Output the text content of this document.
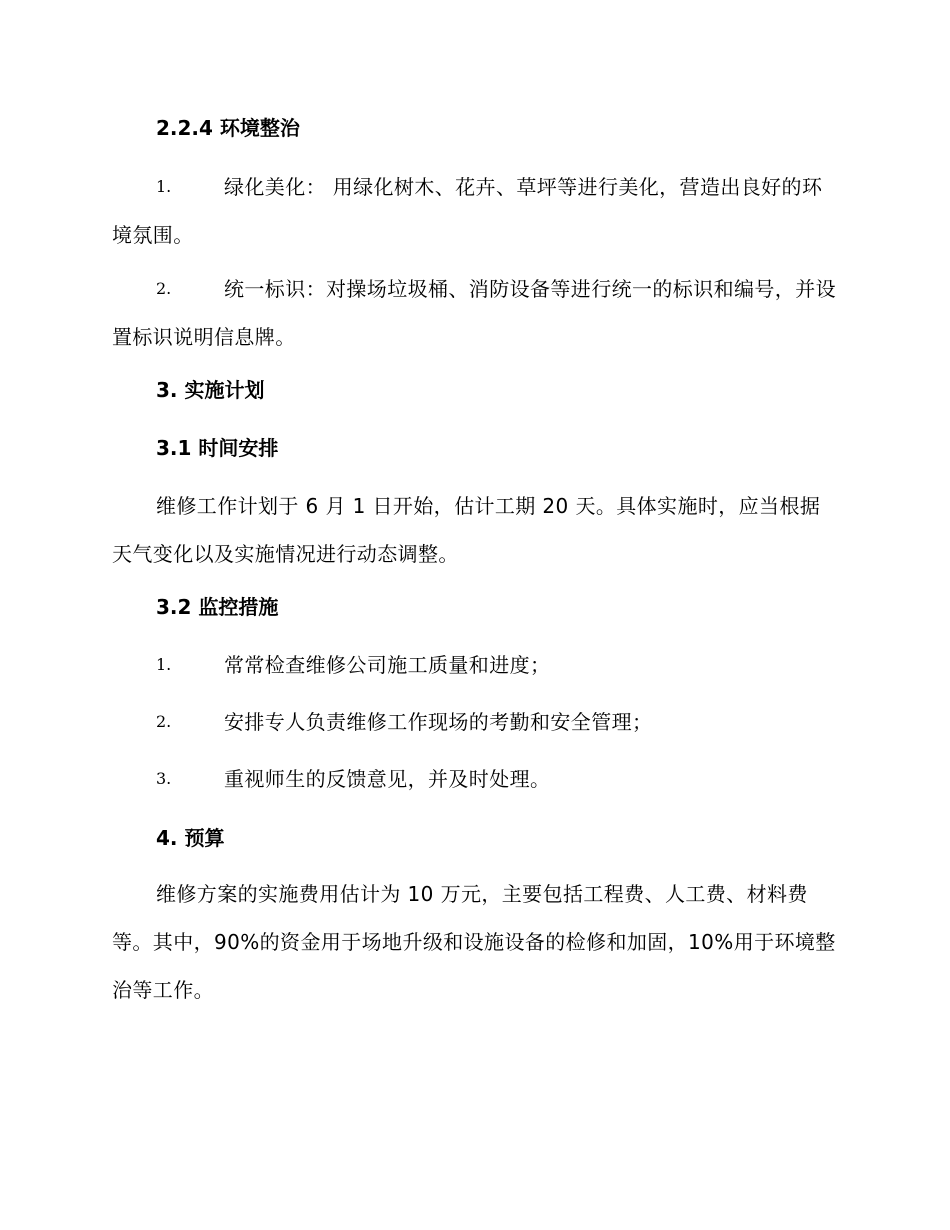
2.2.4 环境整治
1.	绿化美化： 用绿化树木、花卉、草坪等进行美化，营造出良好的环境氛围。
2.	统一标识：对操场垃圾桶、消防设备等进行统一的标识和编号，并设置标识说明信息牌。
3. 实施计划
3.1 时间安排

维修工作计划于 6 月 1 日开始，估计工期 20 天。具体实施时，应当根据天气变化以及实施情况进行动态调整。

3.2 监控措施
1.	常常检查维修公司施工质量和进度；
2.	安排专人负责维修工作现场的考勤和安全管理；
3.	重视师生的反馈意见，并及时处理。
4. 预算

维修方案的实施费用估计为 10 万元，主要包括工程费、人工费、材料费等。其中，90%的资金用于场地升级和设施设备的检修和加固，10%用于环境整治等工作。
